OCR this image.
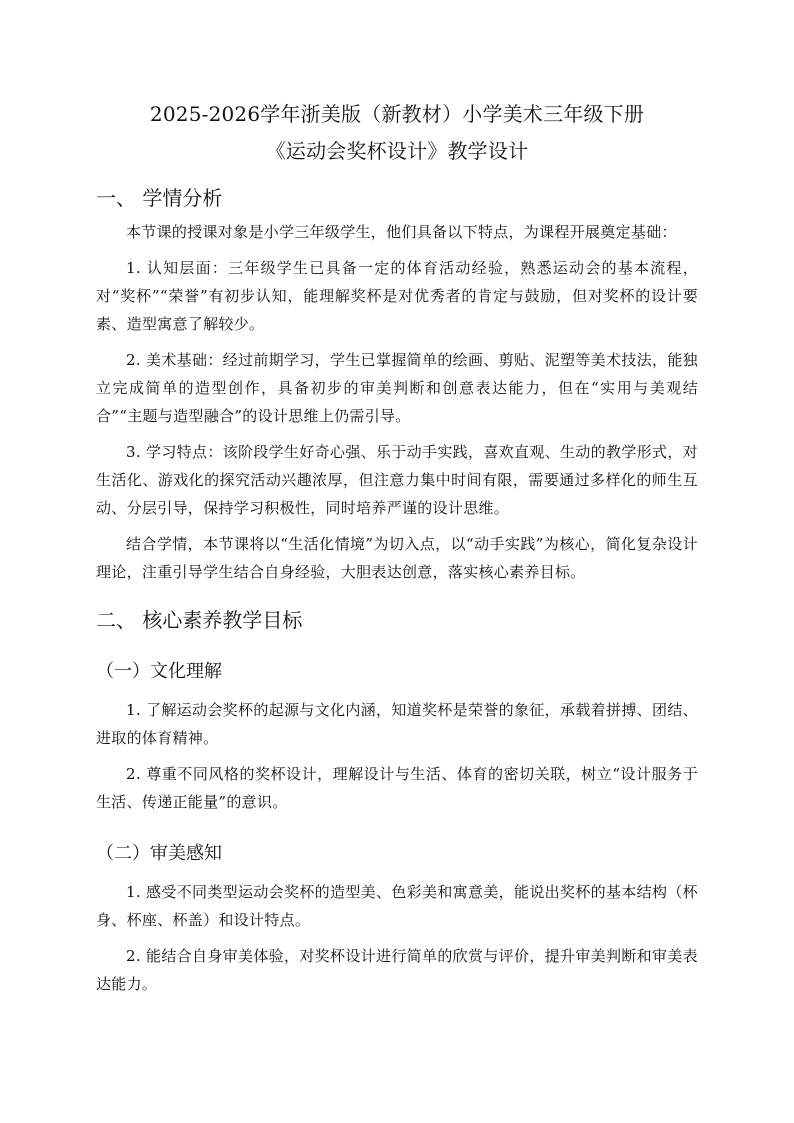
2025-2026学年浙美版（新教材）小学美术三年级下册

《运动会奖杯设计》教学设计

一、 学情分析

本节课的授课对象是小学三年级学生，他们具备以下特点，为课程开展奠定基础：

1. 认知层面：三年级学生已具备一定的体育活动经验，熟悉运动会的基本流程，对“奖杯”“荣誉”有初步认知，能理解奖杯是对优秀者的肯定与鼓励，但对奖杯的设计要素、造型寓意了解较少。

2. 美术基础：经过前期学习，学生已掌握简单的绘画、剪贴、泥塑等美术技法，能独立完成简单的造型创作，具备初步的审美判断和创意表达能力，但在“实用与美观结合”“主题与造型融合”的设计思维上仍需引导。

3. 学习特点：该阶段学生好奇心强、乐于动手实践，喜欢直观、生动的教学形式，对生活化、游戏化的探究活动兴趣浓厚，但注意力集中时间有限，需要通过多样化的师生互动、分层引导，保持学习积极性，同时培养严谨的设计思维。

结合学情，本节课将以“生活化情境”为切入点，以“动手实践”为核心，简化复杂设计理论，注重引导学生结合自身经验，大胆表达创意，落实核心素养目标。

二、 核心素养教学目标

（一）文化理解

1. 了解运动会奖杯的起源与文化内涵，知道奖杯是荣誉的象征，承载着拼搏、团结、进取的体育精神。

2. 尊重不同风格的奖杯设计，理解设计与生活、体育的密切关联，树立“设计服务于生活、传递正能量”的意识。

（二）审美感知

1. 感受不同类型运动会奖杯的造型美、色彩美和寓意美，能说出奖杯的基本结构（杯身、杯座、杯盖）和设计特点。

2. 能结合自身审美体验，对奖杯设计进行简单的欣赏与评价，提升审美判断和审美表达能力。
